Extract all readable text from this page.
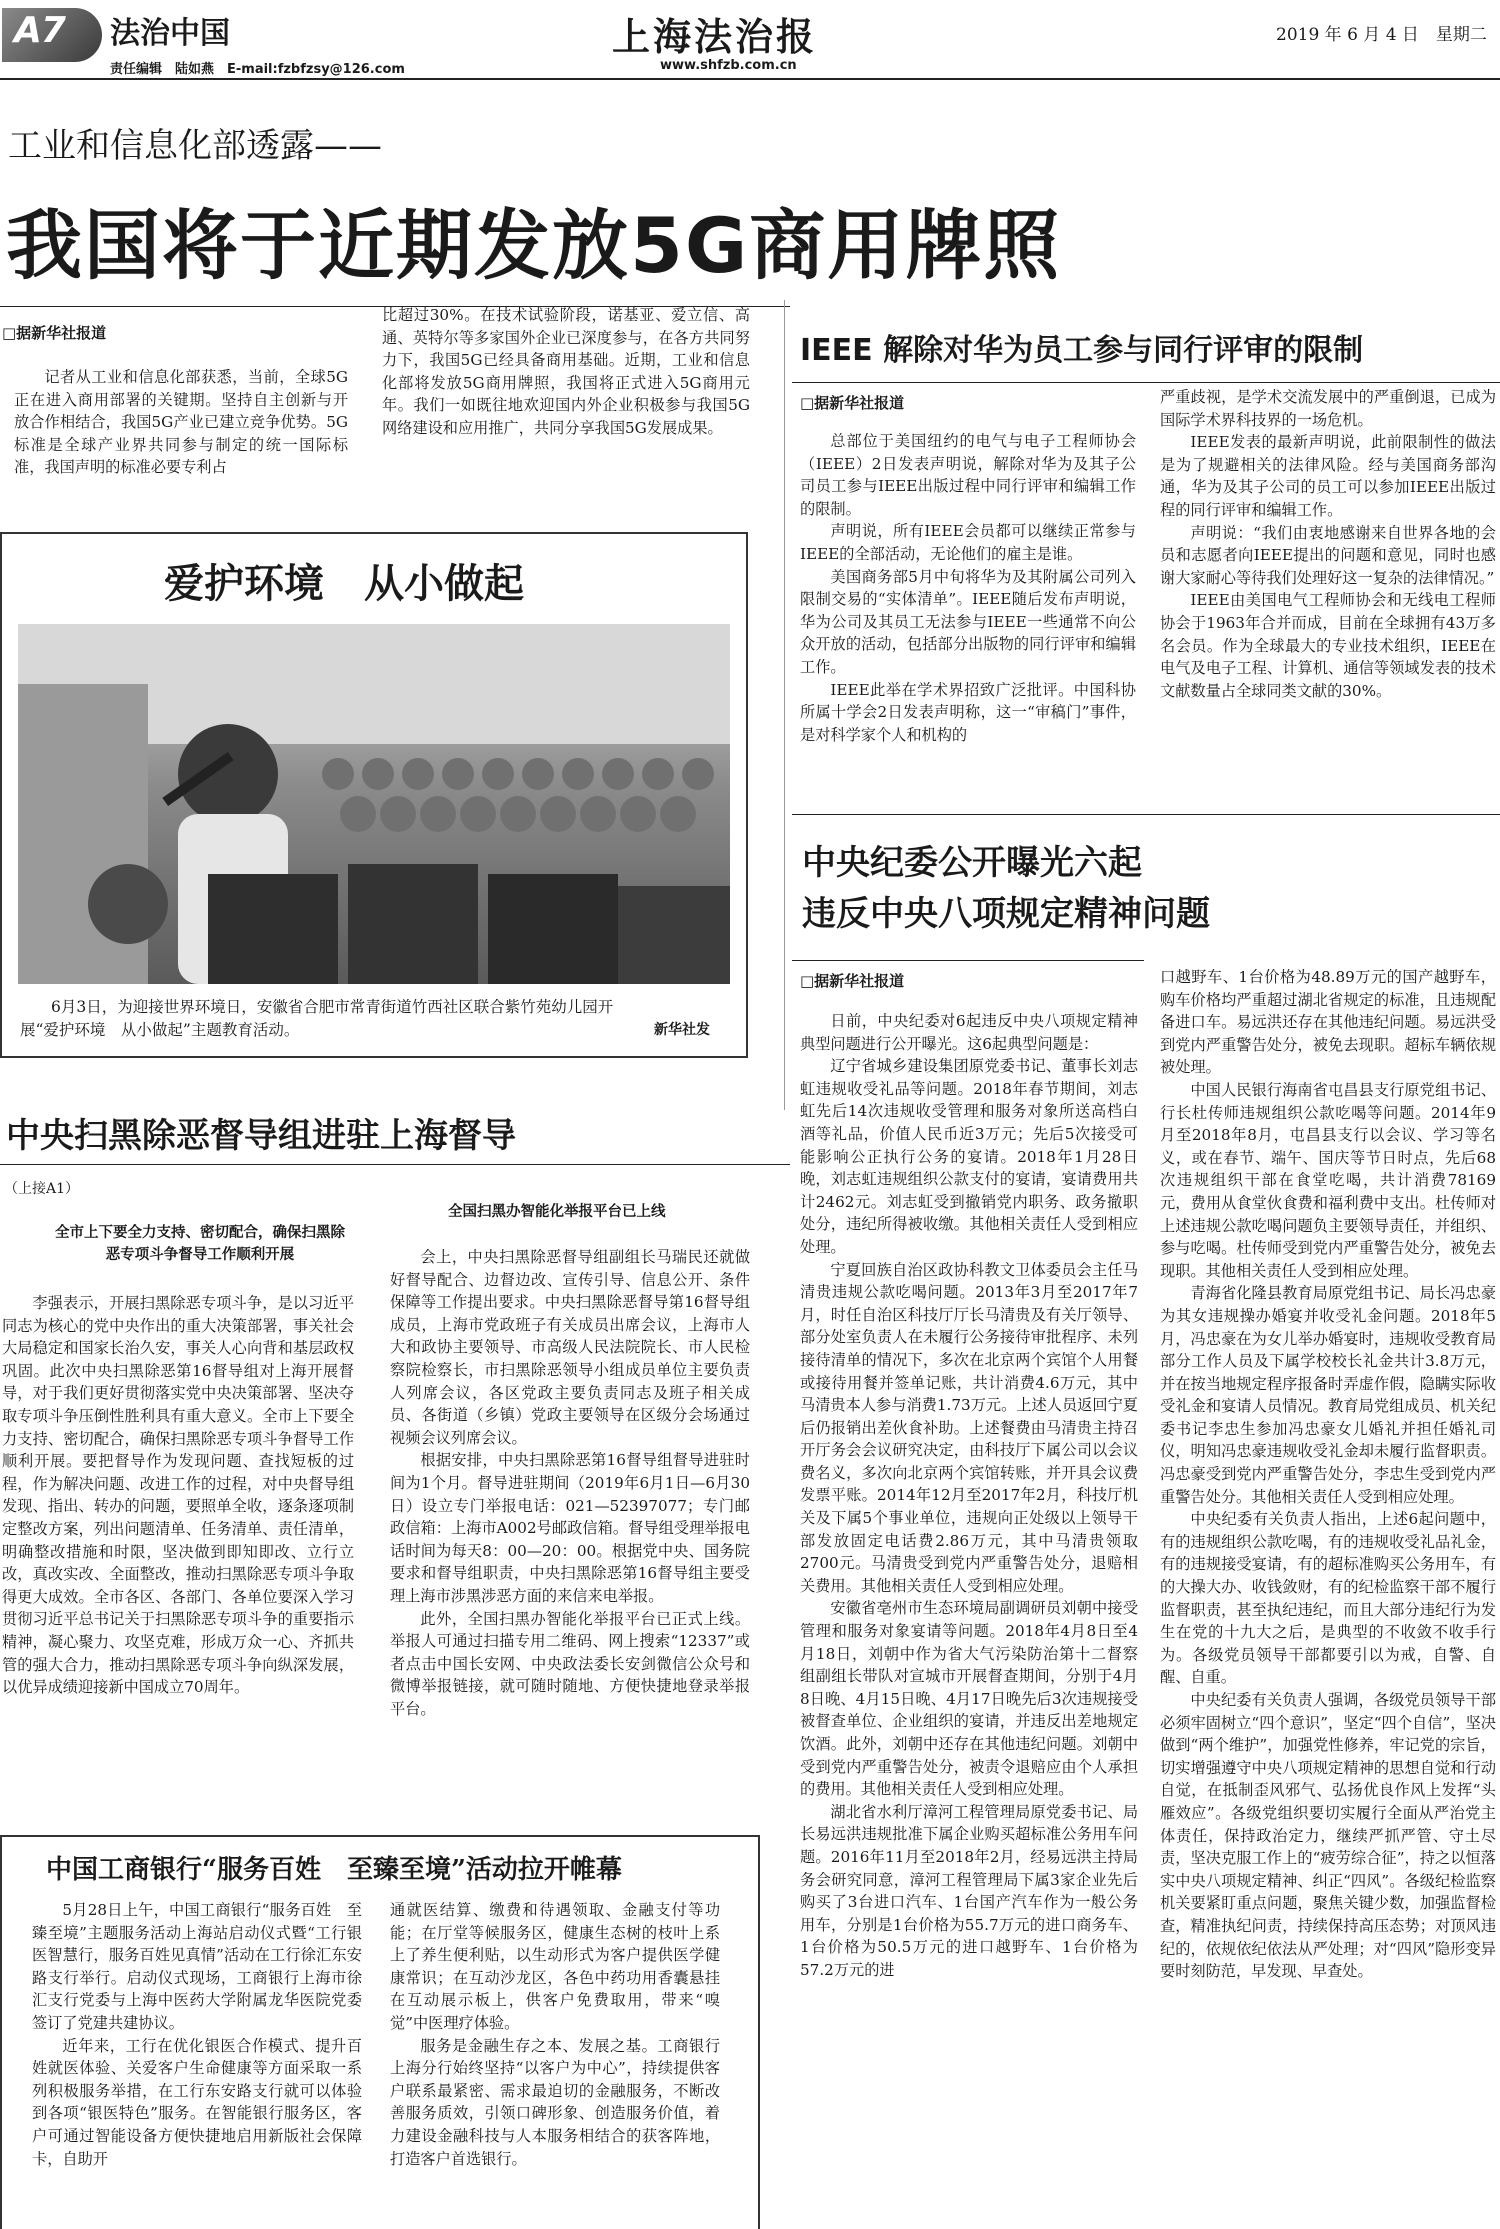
A7 法治中国
责任编辑　陆如燕　E-mail:fzbfzsy@126.com
上海法治报
www.shfzb.com.cn
2019 年 6 月 4 日　星期二
工业和信息化部透露——
我国将于近期发放5G商用牌照
□据新华社报道

记者从工业和信息化部获悉，当前，全球5G正在进入商用部署的关键期。坚持自主创新与开放合作相结合，我国5G产业已建立竞争优势。5G标准是全球产业界共同参与制定的统一国际标准，我国声明的标准必要专利占

比超过30%。在技术试验阶段，诺基亚、爱立信、高通、英特尔等多家国外企业已深度参与，在各方共同努力下，我国5G已经具备商用基础。近期，工业和信息化部将发放5G商用牌照，我国将正式进入5G商用元年。我们一如既往地欢迎国内外企业积极参与我国5G网络建设和应用推广，共同分享我国5G发展成果。

爱护环境　从小做起
6月3日，为迎接世界环境日，安徽省合肥市常青街道竹西社区联合紫竹苑幼儿园开展“爱护环境　从小做起”主题教育活动。	新华社发
IEEE 解除对华为员工参与同行评审的限制
□据新华社报道

总部位于美国纽约的电气与电子工程师协会（IEEE）2日发表声明说，解除对华为及其子公司员工参与IEEE出版过程中同行评审和编辑工作的限制。

声明说，所有IEEE会员都可以继续正常参与IEEE的全部活动，无论他们的雇主是谁。

美国商务部5月中旬将华为及其附属公司列入限制交易的“实体清单”。IEEE随后发布声明说，华为公司及其员工无法参与IEEE一些通常不向公众开放的活动，包括部分出版物的同行评审和编辑工作。

IEEE此举在学术界招致广泛批评。中国科协所属十学会2日发表声明称，这一“审稿门”事件，是对科学家个人和机构的

严重歧视，是学术交流发展中的严重倒退，已成为国际学术界科技界的一场危机。

IEEE发表的最新声明说，此前限制性的做法是为了规避相关的法律风险。经与美国商务部沟通，华为及其子公司的员工可以参加IEEE出版过程的同行评审和编辑工作。

声明说：“我们由衷地感谢来自世界各地的会员和志愿者向IEEE提出的问题和意见，同时也感谢大家耐心等待我们处理好这一复杂的法律情况。”

IEEE由美国电气工程师协会和无线电工程师协会于1963年合并而成，目前在全球拥有43万多名会员。作为全球最大的专业技术组织，IEEE在电气及电子工程、计算机、通信等领域发表的技术文献数量占全球同类文献的30%。

中央纪委公开曝光六起
违反中央八项规定精神问题
□据新华社报道

日前，中央纪委对6起违反中央八项规定精神典型问题进行公开曝光。这6起典型问题是：

辽宁省城乡建设集团原党委书记、董事长刘志虹违规收受礼品等问题。2018年春节期间，刘志虹先后14次违规收受管理和服务对象所送高档白酒等礼品，价值人民币近3万元；先后5次接受可能影响公正执行公务的宴请。2018年1月28日晚，刘志虹违规组织公款支付的宴请，宴请费用共计2462元。刘志虹受到撤销党内职务、政务撤职处分，违纪所得被收缴。其他相关责任人受到相应处理。

宁夏回族自治区政协科教文卫体委员会主任马清贵违规公款吃喝问题。2013年3月至2017年7月，时任自治区科技厅厅长马清贵及有关厅领导、部分处室负责人在未履行公务接待审批程序、未列接待清单的情况下，多次在北京两个宾馆个人用餐或接待用餐并签单记账，共计消费4.6万元，其中马清贵本人参与消费1.73万元。上述人员返回宁夏后仍报销出差伙食补助。上述餐费由马清贵主持召开厅务会会议研究决定，由科技厅下属公司以会议费名义，多次向北京两个宾馆转账，并开具会议费发票平账。2014年12月至2017年2月，科技厅机关及下属5个事业单位，违规向正处级以上领导干部发放固定电话费2.86万元，其中马清贵领取2700元。马清贵受到党内严重警告处分，退赔相关费用。其他相关责任人受到相应处理。

安徽省亳州市生态环境局副调研员刘朝中接受管理和服务对象宴请等问题。2018年4月8日至4月18日，刘朝中作为省大气污染防治第十二督察组副组长带队对宣城市开展督查期间，分别于4月8日晚、4月15日晚、4月17日晚先后3次违规接受被督查单位、企业组织的宴请，并违反出差地规定饮酒。此外，刘朝中还存在其他违纪问题。刘朝中受到党内严重警告处分，被责令退赔应由个人承担的费用。其他相关责任人受到相应处理。

湖北省水利厅漳河工程管理局原党委书记、局长易远洪违规批准下属企业购买超标准公务用车问题。2016年11月至2018年2月，经易远洪主持局务会研究同意，漳河工程管理局下属3家企业先后购买了3台进口汽车、1台国产汽车作为一般公务用车，分别是1台价格为55.7万元的进口商务车、1台价格为50.5万元的进口越野车、1台价格为57.2万元的进

口越野车、1台价格为48.89万元的国产越野车，购车价格均严重超过湖北省规定的标准，且违规配备进口车。易远洪还存在其他违纪问题。易远洪受到党内严重警告处分，被免去现职。超标车辆依规被处理。

中国人民银行海南省屯昌县支行原党组书记、行长杜传师违规组织公款吃喝等问题。2014年9月至2018年8月，屯昌县支行以会议、学习等名义，或在春节、端午、国庆等节日时点，先后68次违规组织干部在食堂吃喝，共计消费78169元，费用从食堂伙食费和福利费中支出。杜传师对上述违规公款吃喝问题负主要领导责任，并组织、参与吃喝。杜传师受到党内严重警告处分，被免去现职。其他相关责任人受到相应处理。

青海省化隆县教育局原党组书记、局长冯忠豪为其女违规操办婚宴并收受礼金问题。2018年5月，冯忠豪在为女儿举办婚宴时，违规收受教育局部分工作人员及下属学校校长礼金共计3.8万元，并在按当地规定程序报备时弄虚作假，隐瞒实际收受礼金和宴请人员情况。教育局党组成员、机关纪委书记李忠生参加冯忠豪女儿婚礼并担任婚礼司仪，明知冯忠豪违规收受礼金却未履行监督职责。冯忠豪受到党内严重警告处分，李忠生受到党内严重警告处分。其他相关责任人受到相应处理。

中央纪委有关负责人指出，上述6起问题中，有的违规组织公款吃喝，有的违规收受礼品礼金，有的违规接受宴请，有的超标准购买公务用车，有的大操大办、收钱敛财，有的纪检监察干部不履行监督职责，甚至执纪违纪，而且大部分违纪行为发生在党的十九大之后，是典型的不收敛不收手行为。各级党员领导干部都要引以为戒，自警、自醒、自重。

中央纪委有关负责人强调，各级党员领导干部必须牢固树立“四个意识”，坚定“四个自信”，坚决做到“两个维护”，加强党性修养，牢记党的宗旨，切实增强遵守中央八项规定精神的思想自觉和行动自觉，在抵制歪风邪气、弘扬优良作风上发挥“头雁效应”。各级党组织要切实履行全面从严治党主体责任，保持政治定力，继续严抓严管、守土尽责，坚决克服工作上的“疲劳综合征”，持之以恒落实中央八项规定精神、纠正“四风”。各级纪检监察机关要紧盯重点问题，聚焦关键少数，加强监督检查，精准执纪问责，持续保持高压态势；对顶风违纪的，依规依纪依法从严处理；对“四风”隐形变异要时刻防范，早发现、早查处。

中央扫黑除恶督导组进驻上海督导
（上接A1）
全市上下要全力支持、密切配合，确保扫黑除恶专项斗争督导工作顺利开展
全国扫黑办智能化举报平台已上线

李强表示，开展扫黑除恶专项斗争，是以习近平同志为核心的党中央作出的重大决策部署，事关社会大局稳定和国家长治久安，事关人心向背和基层政权巩固。此次中央扫黑除恶第16督导组对上海开展督导，对于我们更好贯彻落实党中央决策部署、坚决夺取专项斗争压倒性胜利具有重大意义。全市上下要全力支持、密切配合，确保扫黑除恶专项斗争督导工作顺利开展。要把督导作为发现问题、查找短板的过程，作为解决问题、改进工作的过程，对中央督导组发现、指出、转办的问题，要照单全收，逐条逐项制定整改方案，列出问题清单、任务清单、责任清单，明确整改措施和时限，坚决做到即知即改、立行立改，真改实改、全面整改，推动扫黑除恶专项斗争取得更大成效。全市各区、各部门、各单位要深入学习贯彻习近平总书记关于扫黑除恶专项斗争的重要指示精神，凝心聚力、攻坚克难，形成万众一心、齐抓共管的强大合力，推动扫黑除恶专项斗争向纵深发展，以优异成绩迎接新中国成立70周年。

会上，中央扫黑除恶督导组副组长马瑞民还就做好督导配合、边督边改、宣传引导、信息公开、条件保障等工作提出要求。中央扫黑除恶督导第16督导组成员，上海市党政班子有关成员出席会议，上海市人大和政协主要领导、市高级人民法院院长、市人民检察院检察长，市扫黑除恶领导小组成员单位主要负责人列席会议，各区党政主要负责同志及班子相关成员、各街道（乡镇）党政主要领导在区级分会场通过视频会议列席会议。

根据安排，中央扫黑除恶第16督导组督导进驻时间为1个月。督导进驻期间（2019年6月1日—6月30日）设立专门举报电话：021—52397077；专门邮政信箱：上海市A002号邮政信箱。督导组受理举报电话时间为每天8：00—20：00。根据党中央、国务院要求和督导组职责，中央扫黑除恶第16督导组主要受理上海市涉黑涉恶方面的来信来电举报。

此外，全国扫黑办智能化举报平台已正式上线。举报人可通过扫描专用二维码、网上搜索“12337”或者点击中国长安网、中央政法委长安剑微信公众号和微博举报链接，就可随时随地、方便快捷地登录举报平台。

中国工商银行“服务百姓　至臻至境”活动拉开帷幕

5月28日上午，中国工商银行“服务百姓　至臻至境”主题服务活动上海站启动仪式暨“工行银医智慧行，服务百姓见真情”活动在工行徐汇东安路支行举行。启动仪式现场，工商银行上海市徐汇支行党委与上海中医药大学附属龙华医院党委签订了党建共建协议。

近年来，工行在优化银医合作模式、提升百姓就医体验、关爱客户生命健康等方面采取一系列积极服务举措，在工行东安路支行就可以体验到各项“银医特色”服务。在智能银行服务区，客户可通过智能设备方便快捷地启用新版社会保障卡，自助开

通就医结算、缴费和待遇领取、金融支付等功能；在厅堂等候服务区，健康生态树的枝叶上系上了养生便利贴，以生动形式为客户提供医学健康常识；在互动沙龙区，各色中药功用香囊悬挂在互动展示板上，供客户免费取用，带来“嗅觉”中医理疗体验。

服务是金融生存之本、发展之基。工商银行上海分行始终坚持“以客户为中心”，持续提供客户联系最紧密、需求最迫切的金融服务，不断改善服务质效，引领口碑形象、创造服务价值，着力建设金融科技与人本服务相结合的获客阵地，打造客户首选银行。
